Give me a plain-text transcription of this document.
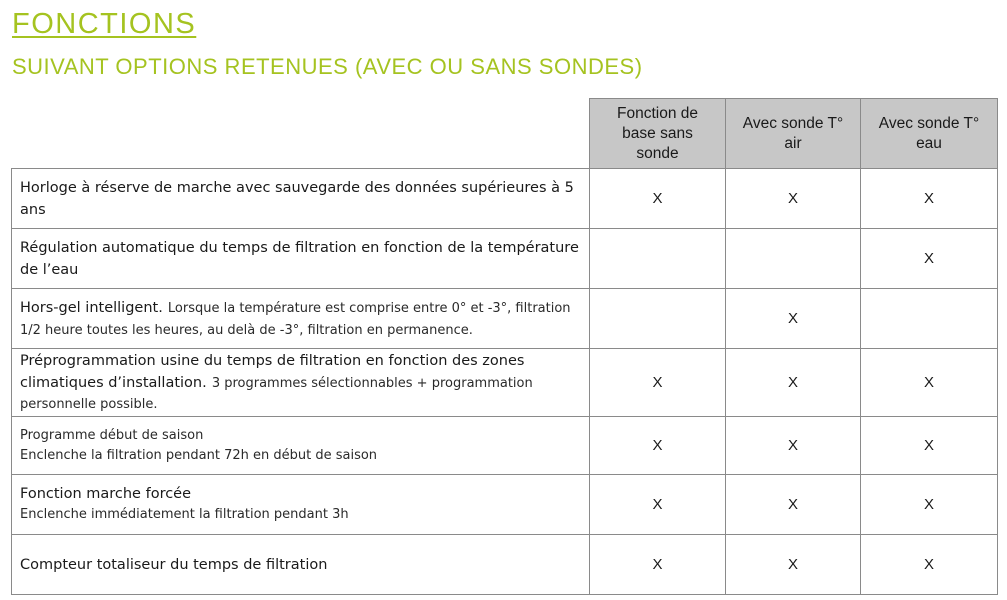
FONCTIONS
SUIVANT OPTIONS RETENUES (AVEC OU SANS SONDES)
	Fonction de base sans sonde	Avec sonde T° air	Avec sonde T° eau
Horloge à réserve de marche avec sauvegarde des données supérieures à 5 ans	X	X	X
Régulation automatique du temps de filtration en fonction de la température de l’eau			X
Hors-gel intelligent. Lorsque la température est comprise entre 0° et -3°, filtration 1/2 heure toutes les heures, au delà de -3°, filtration en permanence.		X	
Préprogrammation usine du temps de filtration en fonction des zones climatiques d’installation. 3 programmes sélectionnables + programmation personnelle possible.	X	X	X

Programme début de saison
Enclenche la filtration pendant 72h en début de saison	X	X	X

Fonction marche forcée
Enclenche immédiatement la filtration pendant 3h	X	X	X
Compteur totaliseur du temps de filtration	X	X	X
